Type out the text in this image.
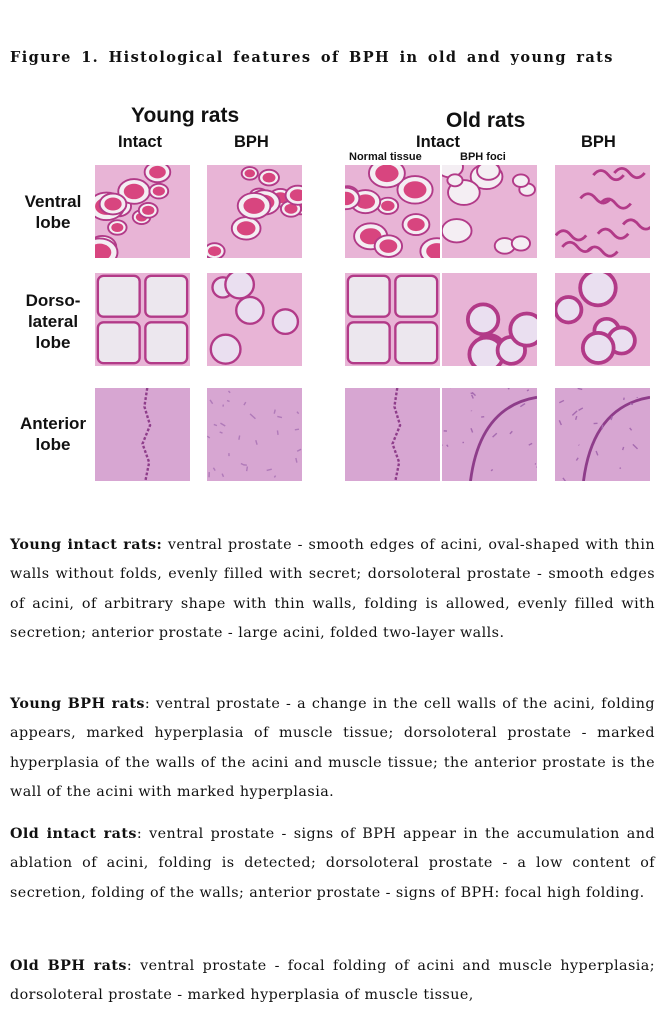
Figure 1. Histological features of BPH in old and young rats
Young rats	Old rats
Intact	BPH	Intact	BPH
Normal tissue	BPH foci
Ventral
lobe
Dorso-
lateral
lobe
Anterior
lobe
Young intact rats: ventral prostate - smooth edges of acini, oval-shaped with thin walls without folds, evenly filled with secret; dorsoloteral prostate - smooth edges of acini, of arbitrary shape with thin walls, folding is allowed, evenly filled with secretion; anterior prostate - large acini, folded two-layer walls.
Young BPH rats: ventral prostate - a change in the cell walls of the acini, folding appears, marked hyperplasia of muscle tissue; dorsoloteral prostate - marked hyperplasia of the walls of the acini and muscle tissue; the anterior prostate is the wall of the acini with marked hyperplasia.
Old intact rats: ventral prostate - signs of BPH appear in the accumulation and ablation of acini, folding is detected; dorsoloteral prostate - a low content of secretion, folding of the walls; anterior prostate - signs of BPH: focal high folding.
Old BPH rats: ventral prostate - focal folding of acini and muscle hyperplasia; dorsoloteral prostate - marked hyperplasia of muscle tissue,
